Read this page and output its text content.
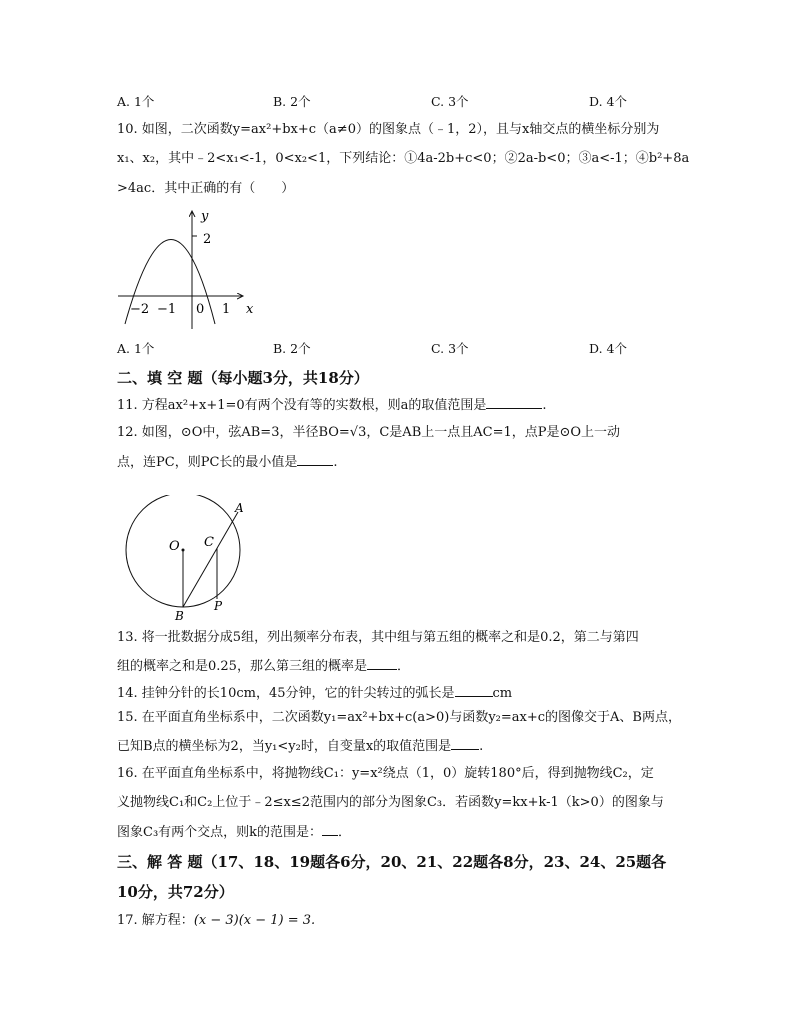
A. 1个	B. 2个	C. 3个	D. 4个
10. 如图，二次函数y=ax²+bx+c（a≠0）的图象点（﹣1，2），且与x轴交点的横坐标分别为
x₁、x₂，其中﹣2<x₁<-1，0<x₂<1，下列结论：①4a-2b+c<0；②2a-b<0；③a<-1；④b²+8a
>4ac．其中正确的有（　　）
y
2
x
−2 −1 0 1
A. 1个	B. 2个	C. 3个	D. 4个
二、填 空 题（每小题3分，共18分）
11. 方程ax²+x+1=0有两个没有等的实数根，则a的取值范围是	.
12. 如图，⊙O中，弦AB=3，半径BO=√3，C是AB上一点且AC=1，点P是⊙O上一动
点，连PC，则PC长的最小值是	.
O C
A
B
P
13. 将一批数据分成5组，列出频率分布表，其中组与第五组的概率之和是0.2，第二与第四
组的概率之和是0.25，那么第三组的概率是 ．
14. 挂钟分针的长10cm，45分钟，它的针尖转过的弧长是	cm
15. 在平面直角坐标系中，二次函数y₁=ax²+bx+c(a>0)与函数y₂=ax+c的图像交于A、B两点，
已知B点的横坐标为2，当y₁<y₂时，自变量x的取值范围是 .
16. 在平面直角坐标系中，将抛物线C₁：y=x²绕点（1，0）旋转180°后，得到抛物线C₂，定
义抛物线C₁和C₂上位于﹣2≤x≤2范围内的部分为图象C₃．若函数y=kx+k-1（k>0）的图象与
图象C₃有两个交点，则k的范围是： ．
三、解 答 题（17、18、19题各6分，20、21、22题各8分，23、24、25题各
10分，共72分）
17. 解方程：(x − 3)(x − 1) = 3.
